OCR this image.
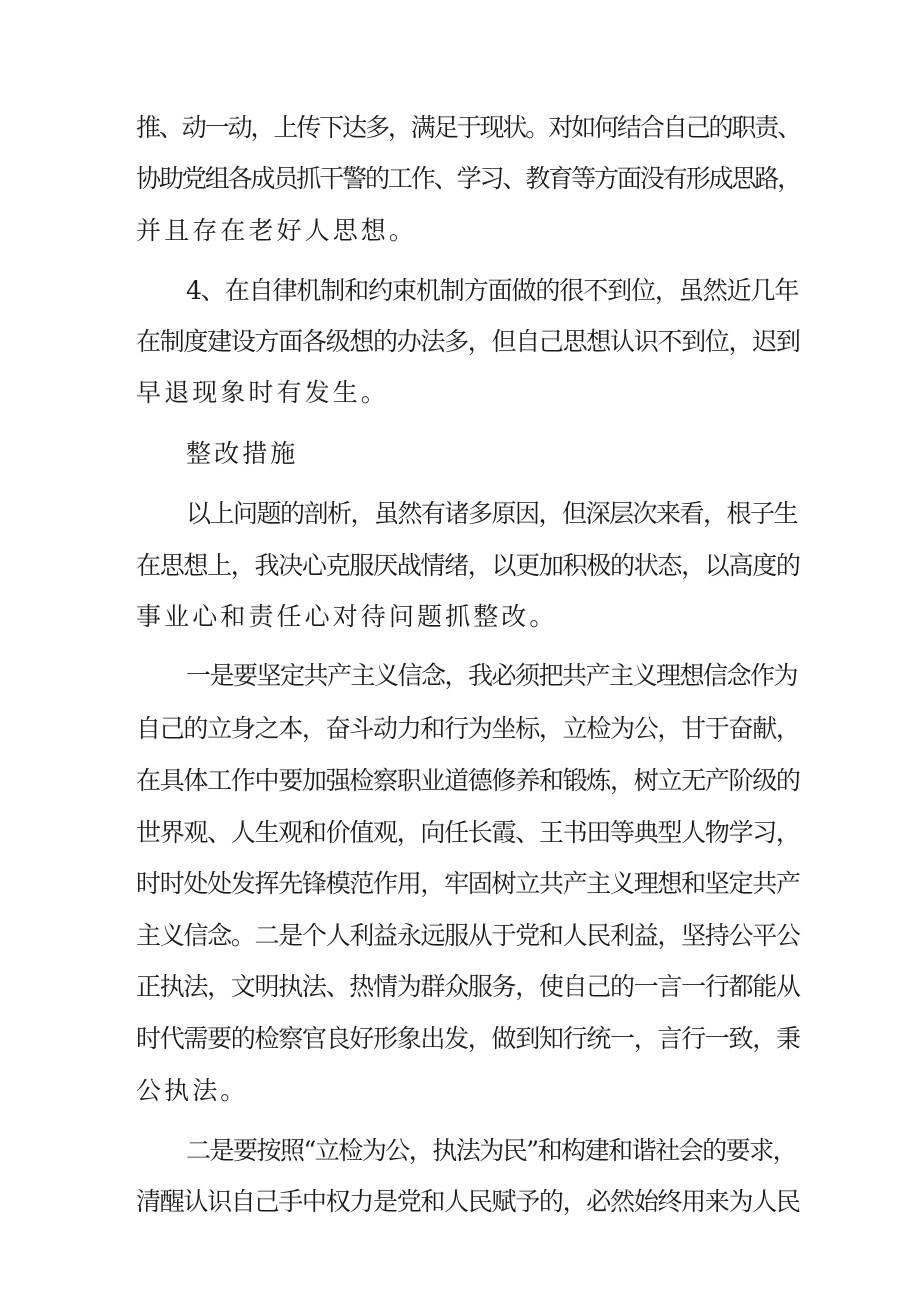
推、动一动，上传下达多，满足于现状。对如何结合自己的职责、

协助党组各成员抓干警的工作、学习、教育等方面没有形成思路，

并且存在老好人思想。

4、在自律机制和约束机制方面做的很不到位，虽然近几年

在制度建设方面各级想的办法多，但自己思想认识不到位，迟到

早退现象时有发生。

整改措施

以上问题的剖析，虽然有诸多原因，但深层次来看，根子生

在思想上，我决心克服厌战情绪，以更加积极的状态，以高度的

事业心和责任心对待问题抓整改。

一是要坚定共产主义信念，我必须把共产主义理想信念作为

自己的立身之本，奋斗动力和行为坐标，立检为公，甘于奋献，

在具体工作中要加强检察职业道德修养和锻炼，树立无产阶级的

世界观、人生观和价值观，向任长霞、王书田等典型人物学习，

时时处处发挥先锋模范作用，牢固树立共产主义理想和坚定共产

主义信念。二是个人利益永远服从于党和人民利益，坚持公平公

正执法，文明执法、热情为群众服务，使自己的一言一行都能从

时代需要的检察官良好形象出发，做到知行统一，言行一致，秉

公执法。

二是要按照“立检为公，执法为民”和构建和谐社会的要求，

清醒认识自己手中权力是党和人民赋予的，必然始终用来为人民
